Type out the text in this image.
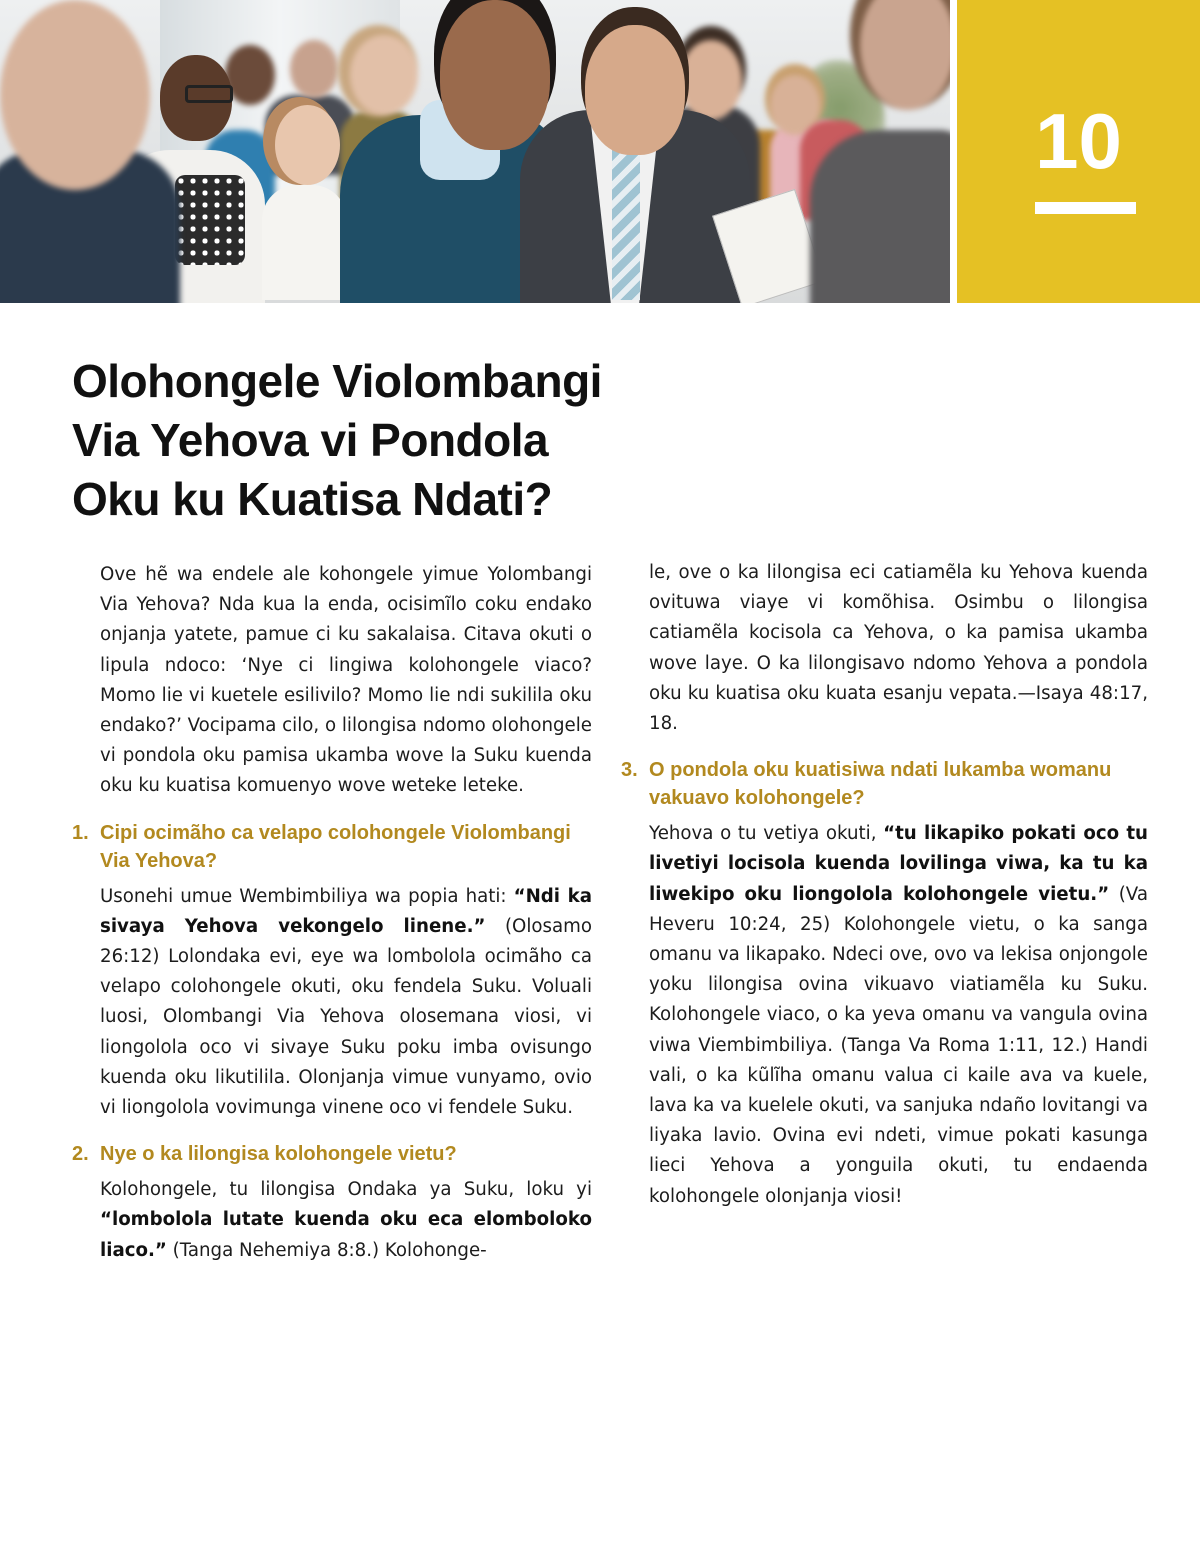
10
Olohongele Violombangi
Via Yehova vi Pondola
Oku ku Kuatisa Ndati?

Ove hẽ wa endele ale kohongele yimue Yolombangi Via Yehova? Nda kua la enda, ocisimĩlo coku endako onjanja yatete, pamue ci ku sakalaisa. Citava okuti o lipula ndoco: ‘Nye ci lingiwa kolohongele viaco? Momo lie vi kuetele esilivilo? Momo lie ndi sukilila oku endako?’ Vocipama cilo, o lilongisa ndomo olohongele vi pondola oku pamisa ukamba wove la Suku kuenda oku ku kuatisa komuenyo wove weteke leteke.

1. Cipi ocimãho ca velapo colohongele Violombangi Via Yehova?

Usonehi umue Wembimbiliya wa popia hati: “Ndi ka sivaya Yehova vekongelo linene.” (Olosamo 26:12) Lolondaka evi, eye wa lombolola ocimãho ca velapo colohongele okuti, oku fendela Suku. Voluali luosi, Olombangi Via Yehova olosemana viosi, vi liongolola oco vi sivaye Suku poku imba ovisungo kuenda oku likutilila. Olonjanja vimue vunyamo, ovio vi liongolola vovimunga vinene oco vi fendele Suku.

2. Nye o ka lilongisa kolohongele vietu?

Kolohongele, tu lilongisa Ondaka ya Suku, loku yi “lombolola lutate kuenda oku eca elomboloko liaco.” (Tanga Nehemiya 8:8.) Kolohonge-

le, ove o ka lilongisa eci catiamẽla ku Yehova kuenda ovituwa viaye vi komõhisa. Osimbu o lilongisa catiamẽla kocisola ca Yehova, o ka pamisa ukamba wove laye. O ka lilongisavo ndomo Yehova a pondola oku ku kuatisa oku kuata esanju vepata.—Isaya 48:17, 18.

3. O pondola oku kuatisiwa ndati lukamba womanu vakuavo kolohongele?

Yehova o tu vetiya okuti, “tu likapiko pokati oco tu livetiyi locisola kuenda lovilinga viwa, ka tu ka liwekipo oku liongolola kolohongele vietu.” (Va Heveru 10:24, 25) Kolohongele vietu, o ka sanga omanu va likapako. Ndeci ove, ovo va lekisa onjongole yoku lilongisa ovina vikuavo viatiamẽla ku Suku. Kolohongele viaco, o ka yeva omanu va vangula ovina viwa Viembimbiliya. (Tanga Va Roma 1:11, 12.) Handi vali, o ka kũlĩha omanu valua ci kaile ava va kuele, lava ka va kuelele okuti, va sanjuka ndaño lovitangi va liyaka lavio. Ovina evi ndeti, vimue pokati kasunga lieci Yehova a yonguila okuti, tu endaenda kolohongele olonjanja viosi!
